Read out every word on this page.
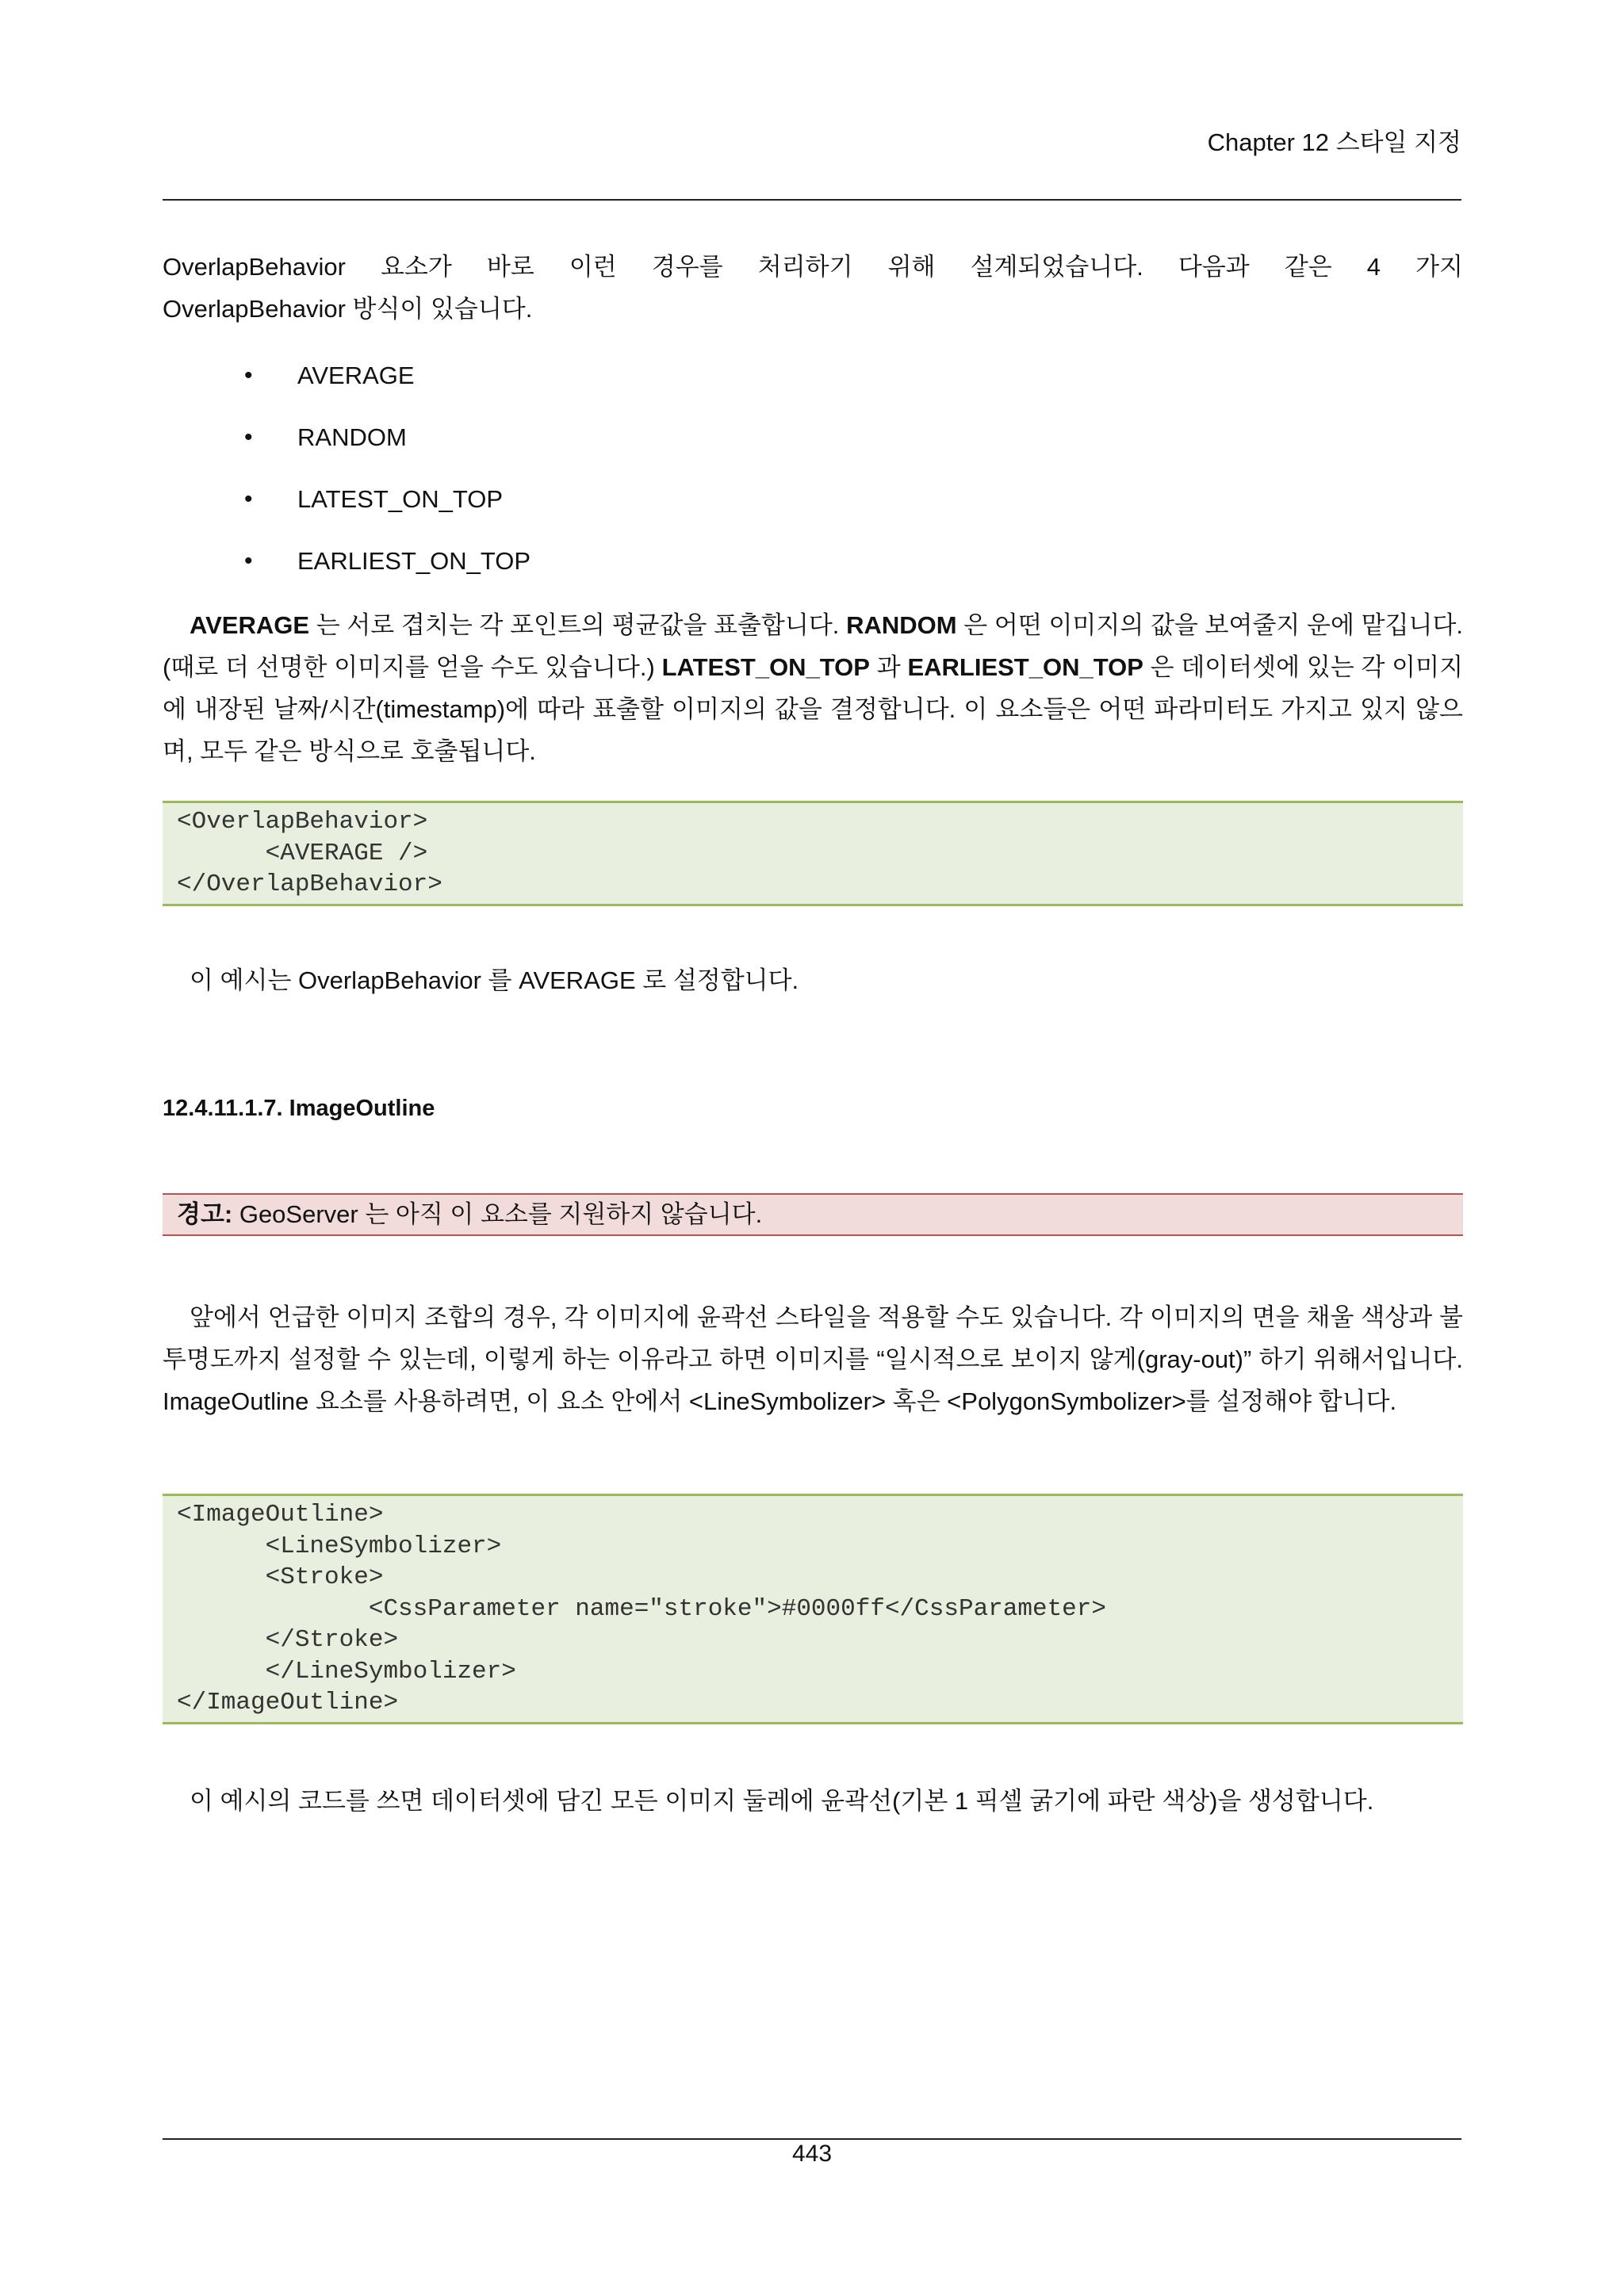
Chapter 12 스타일 지정
OverlapBehavior 요소가 바로 이런 경우를 처리하기 위해 설계되었습니다. 다음과 같은 4 가지
OverlapBehavior 방식이 있습니다.
• AVERAGE
• RANDOM
• LATEST_ON_TOP
• EARLIEST_ON_TOP
AVERAGE 는 서로 겹치는 각 포인트의 평균값을 표출합니다. RANDOM 은 어떤 이미지의 값을 보여줄지 운에 맡깁니다. (때로 더 선명한 이미지를 얻을 수도 있습니다.) LATEST_ON_TOP 과 EARLIEST_ON_TOP 은 데이터셋에 있는 각 이미지에 내장된 날짜/시간(timestamp)에 따라 표출할 이미지의 값을 결정합니다. 이 요소들은 어떤 파라미터도 가지고 있지 않으며, 모두 같은 방식으로 호출됩니다.
<OverlapBehavior>
<AVERAGE />
</OverlapBehavior>
이 예시는 OverlapBehavior 를 AVERAGE 로 설정합니다.
12.4.11.1.7. ImageOutline
경고: GeoServer 는 아직 이 요소를 지원하지 않습니다.
앞에서 언급한 이미지 조합의 경우, 각 이미지에 윤곽선 스타일을 적용할 수도 있습니다. 각 이미지의 면을 채울 색상과 불투명도까지 설정할 수 있는데, 이렇게 하는 이유라고 하면 이미지를 “일시적으로 보이지 않게(gray-out)” 하기 위해서입니다. ImageOutline 요소를 사용하려면, 이 요소 안에서 <LineSymbolizer> 혹은 <PolygonSymbolizer>를 설정해야 합니다.
<ImageOutline>
<LineSymbolizer>
<Stroke>
<CssParameter name="stroke">#0000ff</CssParameter>
</Stroke>
</LineSymbolizer>
</ImageOutline>
이 예시의 코드를 쓰면 데이터셋에 담긴 모든 이미지 둘레에 윤곽선(기본 1 픽셀 굵기에 파란 색상)을 생성합니다.
443
